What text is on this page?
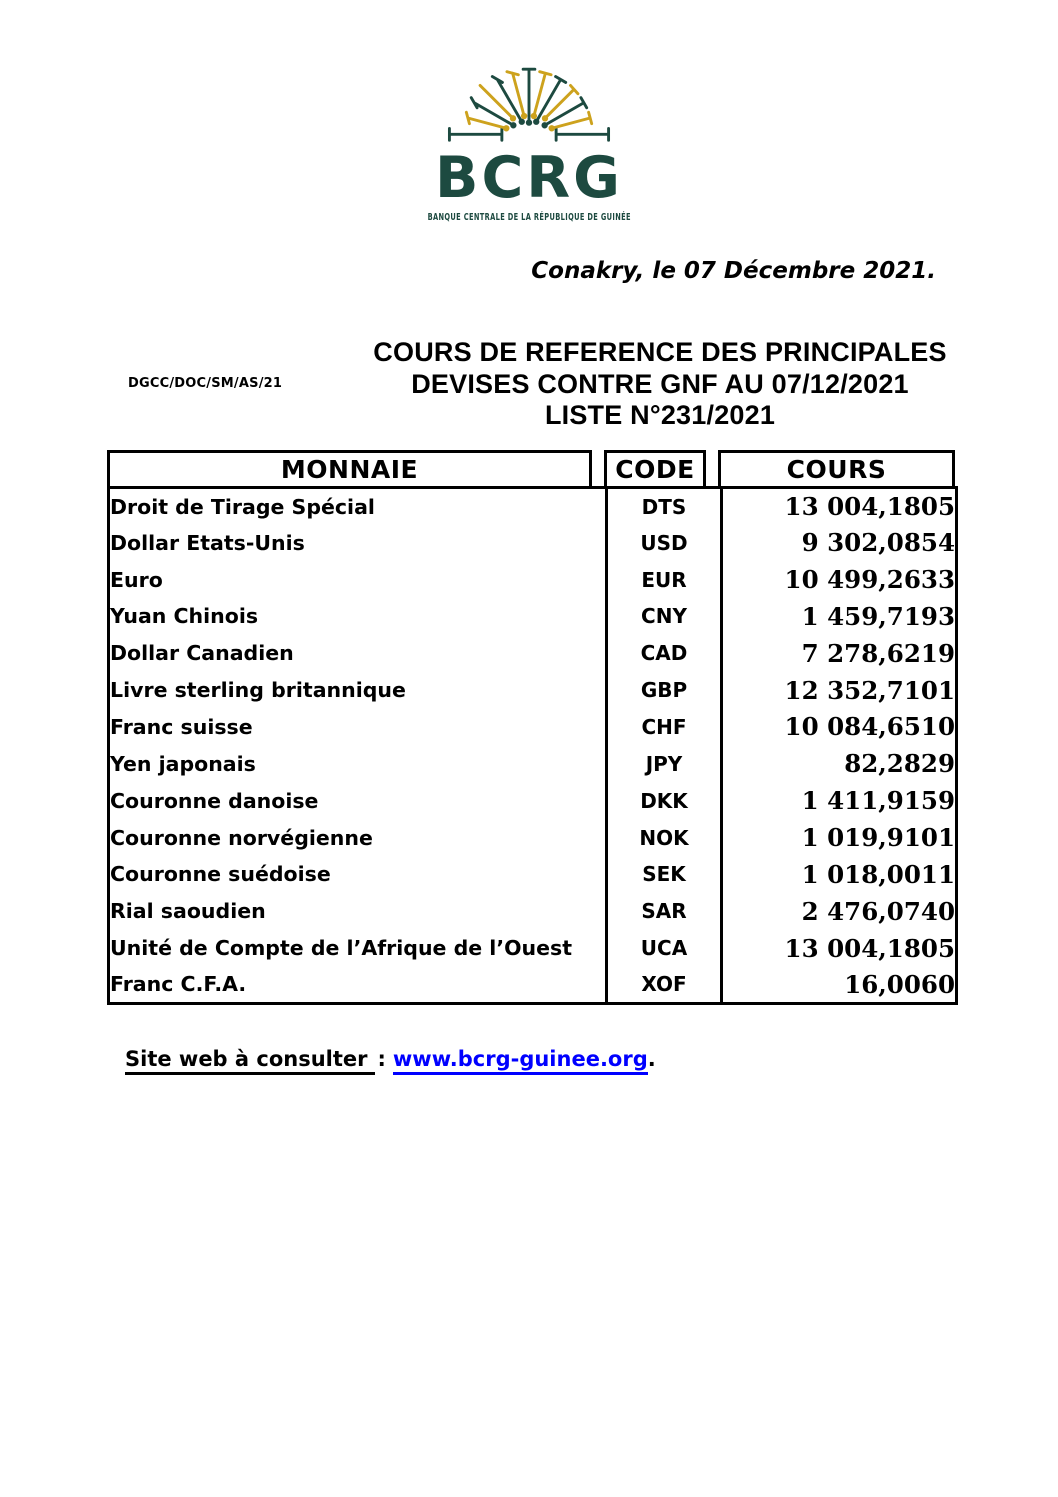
BCRG
BANQUE CENTRALE DE LA RÉPUBLIQUE DE GUINÉE
Conakry, le 07 Décembre 2021.
DGCC/DOC/SM/AS/21
COURS DE REFERENCE DES PRINCIPALES
DEVISES CONTRE GNF AU 07/12/2021
LISTE N°231/2021
MONNAIE	CODE	COURS
Droit de Tirage Spécial	DTS	13 004,1805
Dollar Etats-Unis	USD	9 302,0854
Euro	EUR	10 499,2633
Yuan Chinois	CNY	1 459,7193
Dollar Canadien	CAD	7 278,6219
Livre sterling britannique	GBP	12 352,7101
Franc suisse	CHF	10 084,6510
Yen japonais	JPY	82,2829
Couronne danoise	DKK	1 411,9159
Couronne norvégienne	NOK	1 019,9101
Couronne suédoise	SEK	1 018,0011
Rial saoudien	SAR	2 476,0740
Unité de Compte de l’Afrique de l’Ouest	UCA	13 004,1805
Franc C.F.A.	XOF	16,0060
Site web à consulter : www.bcrg-guinee.org.
